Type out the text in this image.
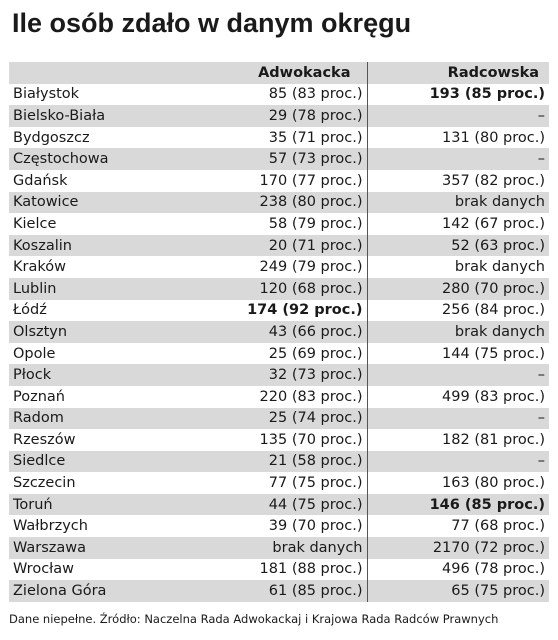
Ile osób zdało w danym okręgu
	Adwokacka	Radcowska
Białystok	85 (83 proc.)	193 (85 proc.)
Bielsko-Biała	29 (78 proc.)	–
Bydgoszcz	35 (71 proc.)	131 (80 proc.)
Częstochowa	57 (73 proc.)	–
Gdańsk	170 (77 proc.)	357 (82 proc.)
Katowice	238 (80 proc.)	brak danych
Kielce	58 (79 proc.)	142 (67 proc.)
Koszalin	20 (71 proc.)	52 (63 proc.)
Kraków	249 (79 proc.)	brak danych
Lublin	120 (68 proc.)	280 (70 proc.)
Łódź	174 (92 proc.)	256 (84 proc.)
Olsztyn	43 (66 proc.)	brak danych
Opole	25 (69 proc.)	144 (75 proc.)
Płock	32 (73 proc.)	–
Poznań	220 (83 proc.)	499 (83 proc.)
Radom	25 (74 proc.)	–
Rzeszów	135 (70 proc.)	182 (81 proc.)
Siedlce	21 (58 proc.)	–
Szczecin	77 (75 proc.)	163 (80 proc.)
Toruń	44 (75 proc.)	146 (85 proc.)
Wałbrzych	39 (70 proc.)	77 (68 proc.)
Warszawa	brak danych	2170 (72 proc.)
Wrocław	181 (88 proc.)	496 (78 proc.)
Zielona Góra	61 (85 proc.)	65 (75 proc.)

Dane niepełne. Źródło: Naczelna Rada Adwokackaj i Krajowa Rada Radców Prawnych
